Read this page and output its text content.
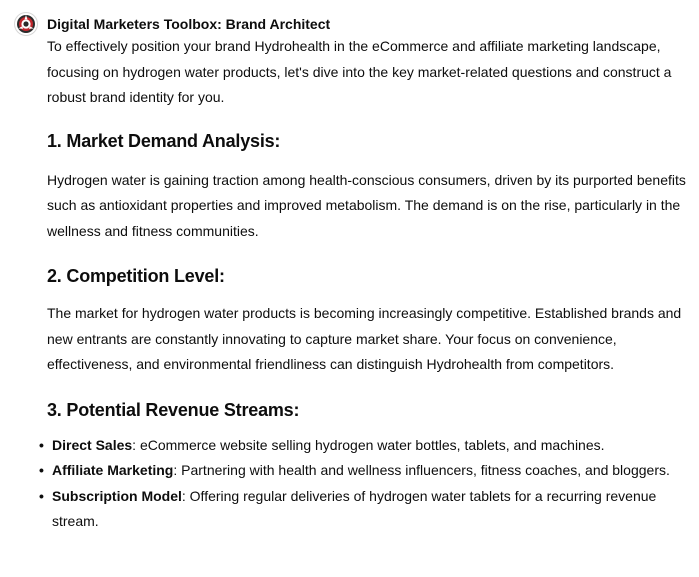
Digital Marketers Toolbox: Brand Architect

To effectively position your brand Hydrohealth in the eCommerce and affiliate marketing landscape, focusing on hydrogen water products, let's dive into the key market-related questions and construct a robust brand identity for you.

1. Market Demand Analysis:

Hydrogen water is gaining traction among health-conscious consumers, driven by its purported benefits such as antioxidant properties and improved metabolism. The demand is on the rise, particularly in the wellness and fitness communities.

2. Competition Level:

The market for hydrogen water products is becoming increasingly competitive. Established brands and new entrants are constantly innovating to capture market share. Your focus on convenience, effectiveness, and environmental friendliness can distinguish Hydrohealth from competitors.

3. Potential Revenue Streams:
• Direct Sales: eCommerce website selling hydrogen water bottles, tablets, and machines.
• Affiliate Marketing: Partnering with health and wellness influencers, fitness coaches, and bloggers.
• Subscription Model: Offering regular deliveries of hydrogen water tablets for a recurring revenue stream.
